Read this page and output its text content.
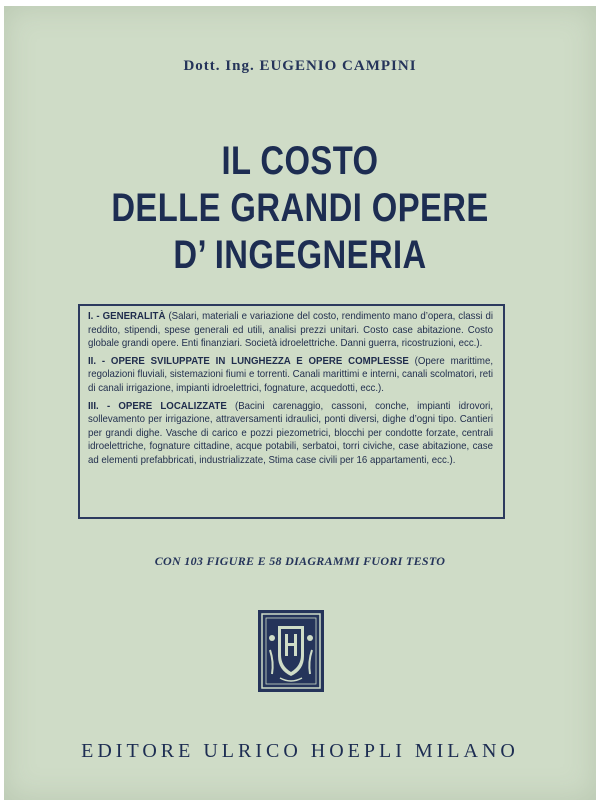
Dott. Ing. EUGENIO CAMPINI
IL COSTO
DELLE GRANDI OPERE
D’ INGEGNERIA

I. - GENERALITÀ (Salari, materiali e variazione del costo, rendimento mano d’opera, classi di reddito, stipendi, spese generali ed utili, analisi prezzi unitari. Costo case abitazione. Costo globale grandi opere. Enti finanziari. Società idroelettriche. Danni guerra, ricostruzioni, ecc.).

II. - OPERE SVILUPPATE IN LUNGHEZZA E OPERE COMPLESSE (Opere marittime, regolazioni fluviali, sistemazioni fiumi e torrenti. Canali marittimi e interni, canali scolmatori, reti di canali irrigazione, impianti idroelettrici, fognature, acquedotti, ecc.).

III. - OPERE LOCALIZZATE (Bacini carenaggio, cassoni, conche, impianti idrovori, sollevamento per irrigazione, attraversamenti idraulici, ponti diversi, dighe d’ogni tipo. Cantieri per grandi dighe. Vasche di carico e pozzi piezometrici, blocchi per condotte forzate, centrali idroelettriche, fognature cittadine, acque potabili, serbatoi, torri civiche, case abitazione, case ad elementi prefabbricati, industrializzate, Stima case civili per 16 appartamenti, ecc.).

CON 103 FIGURE E 58 DIAGRAMMI FUORI TESTO
EDITORE ULRICO HOEPLI MILANO
